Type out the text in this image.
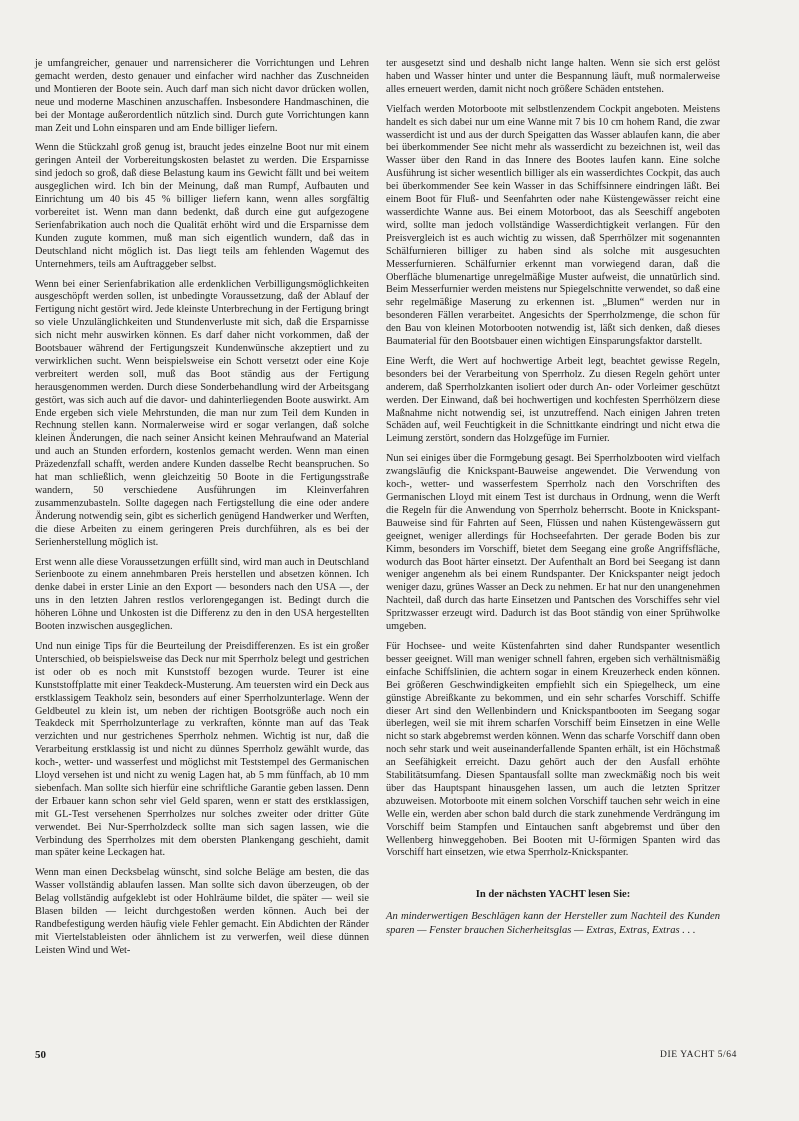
je umfangreicher, genauer und narrensicherer die Vorrichtungen und Lehren gemacht werden, desto genauer und einfacher wird nachher das Zuschneiden und Montieren der Boote sein. Auch darf man sich nicht davor drücken wollen, neue und moderne Maschinen anzuschaffen. Insbesondere Handmaschinen, die bei der Montage außerordentlich nützlich sind. Durch gute Vorrichtungen kann man Zeit und Lohn einsparen und am Ende billiger liefern.

Wenn die Stückzahl groß genug ist, braucht jedes einzelne Boot nur mit einem geringen Anteil der Vorbereitungskosten belastet zu werden. Die Ersparnisse sind jedoch so groß, daß diese Belastung kaum ins Gewicht fällt und bei weitem ausgeglichen wird. Ich bin der Meinung, daß man Rumpf, Aufbauten und Einrichtung um 40 bis 45 % billiger liefern kann, wenn alles sorgfältig vorbereitet ist. Wenn man dann bedenkt, daß durch eine gut aufgezogene Serienfabrikation auch noch die Qualität erhöht wird und die Ersparnisse dem Kunden zugute kommen, muß man sich eigentlich wundern, daß das in Deutschland nicht möglich ist. Das liegt teils am fehlenden Wagemut des Unternehmers, teils am Auftraggeber selbst.

Wenn bei einer Serienfabrikation alle erdenklichen Verbilligungsmöglichkeiten ausgeschöpft werden sollen, ist unbedingte Voraussetzung, daß der Ablauf der Fertigung nicht gestört wird. Jede kleinste Unterbrechung in der Fertigung bringt so viele Unzulänglichkeiten und Stundenverluste mit sich, daß die Ersparnisse sich nicht mehr auswirken können. Es darf daher nicht vorkommen, daß der Bootsbauer während der Fertigungszeit Kundenwünsche akzeptiert und zu verwirklichen sucht. Wenn beispielsweise ein Schott versetzt oder eine Koje verbreitert werden soll, muß das Boot ständig aus der Fertigung herausgenommen werden. Durch diese Sonderbehandlung wird der Arbeitsgang gestört, was sich auch auf die davor- und dahinterliegenden Boote auswirkt. Am Ende ergeben sich viele Mehrstunden, die man nur zum Teil dem Kunden in Rechnung stellen kann. Normalerweise wird er sogar verlangen, daß solche kleinen Änderungen, die nach seiner Ansicht keinen Mehraufwand an Material und auch an Stunden erfordern, kostenlos gemacht werden. Wenn man einen Präzedenzfall schafft, werden andere Kunden dasselbe Recht beanspruchen. So hat man schließlich, wenn gleichzeitig 50 Boote in die Fertigungsstraße wandern, 50 verschiedene Ausführungen im Kleinverfahren zusammenzubasteln. Sollte dagegen nach Fertigstellung die eine oder andere Änderung notwendig sein, gibt es sicherlich genügend Handwerker und Werften, die diese Arbeiten zu einem geringeren Preis durchführen, als es bei der Serienherstellung möglich ist.

Erst wenn alle diese Voraussetzungen erfüllt sind, wird man auch in Deutschland Serienboote zu einem annehmbaren Preis herstellen und absetzen können. Ich denke dabei in erster Linie an den Export — besonders nach den USA —, der uns in den letzten Jahren restlos verlorengegangen ist. Bedingt durch die höheren Löhne und Unkosten ist die Differenz zu den in den USA hergestellten Booten inzwischen ausgeglichen.

Und nun einige Tips für die Beurteilung der Preisdifferenzen. Es ist ein großer Unterschied, ob beispielsweise das Deck nur mit Sperrholz belegt und gestrichen ist oder ob es noch mit Kunststoff bezogen wurde. Teurer ist eine Kunststoffplatte mit einer Teakdeck-Musterung. Am teuersten wird ein Deck aus erstklassigem Teakholz sein, besonders auf einer Sperrholzunterlage. Wenn der Geldbeutel zu klein ist, um neben der richtigen Bootsgröße auch noch ein Teakdeck mit Sperrholzunterlage zu verkraften, könnte man auf das Teak verzichten und nur gestrichenes Sperrholz nehmen. Wichtig ist nur, daß die Verarbeitung erstklassig ist und nicht zu dünnes Sperrholz gewählt wurde, das koch-, wetter- und wasserfest und möglichst mit Teststempel des Germanischen Lloyd versehen ist und nicht zu wenig Lagen hat, ab 5 mm fünffach, ab 10 mm siebenfach. Man sollte sich hierfür eine schriftliche Garantie geben lassen. Denn der Erbauer kann schon sehr viel Geld sparen, wenn er statt des erstklassigen, mit GL-Test versehenen Sperrholzes nur solches zweiter oder dritter Güte verwendet. Bei Nur-Sperrholzdeck sollte man sich sagen lassen, wie die Verbindung des Sperrholzes mit dem obersten Plankengang geschieht, damit man später keine Leckagen hat.

Wenn man einen Decksbelag wünscht, sind solche Beläge am besten, die das Wasser vollständig ablaufen lassen. Man sollte sich davon überzeugen, ob der Belag vollständig aufgeklebt ist oder Hohlräume bildet, die später — weil sie Blasen bilden — leicht durchgestoßen werden können. Auch bei der Randbefestigung werden häufig viele Fehler gemacht. Ein Abdichten der Ränder mit Viertelstableisten oder ähnlichem ist zu verwerfen, weil diese dünnen Leisten Wind und Wet-

ter ausgesetzt sind und deshalb nicht lange halten. Wenn sie sich erst gelöst haben und Wasser hinter und unter die Bespannung läuft, muß normalerweise alles erneuert werden, damit nicht noch größere Schäden entstehen.

Vielfach werden Motorboote mit selbstlenzendem Cockpit angeboten. Meistens handelt es sich dabei nur um eine Wanne mit 7 bis 10 cm hohem Rand, die zwar wasserdicht ist und aus der durch Speigatten das Wasser ablaufen kann, die aber bei überkommender See nicht mehr als wasserdicht zu bezeichnen ist, weil das Wasser über den Rand in das Innere des Bootes laufen kann. Eine solche Ausführung ist sicher wesentlich billiger als ein wasserdichtes Cockpit, das auch bei überkommender See kein Wasser in das Schiffsinnere eindringen läßt. Bei einem Boot für Fluß- und Seenfahrten oder nahe Küstengewässer reicht eine wasserdichte Wanne aus. Bei einem Motorboot, das als Seeschiff angeboten wird, sollte man jedoch vollständige Wasserdichtigkeit verlangen. Für den Preisvergleich ist es auch wichtig zu wissen, daß Sperrhölzer mit sogenannten Schälfurnieren billiger zu haben sind als solche mit ausgesuchten Messerfurnieren. Schälfurnier erkennt man vorwiegend daran, daß die Oberfläche blumenartige unregelmäßige Muster aufweist, die unnatürlich sind. Beim Messerfurnier werden meistens nur Spiegelschnitte verwendet, so daß eine sehr regelmäßige Maserung zu erkennen ist. „Blumen“ werden nur in besonderen Fällen verarbeitet. Angesichts der Sperrholzmenge, die schon für den Bau von kleinen Motorbooten notwendig ist, läßt sich denken, daß dieses Baumaterial für den Bootsbauer einen wichtigen Einsparungsfaktor darstellt.

Eine Werft, die Wert auf hochwertige Arbeit legt, beachtet gewisse Regeln, besonders bei der Verarbeitung von Sperrholz. Zu diesen Regeln gehört unter anderem, daß Sperrholzkanten isoliert oder durch An- oder Vorleimer geschützt werden. Der Einwand, daß bei hochwertigen und kochfesten Sperrhölzern diese Maßnahme nicht notwendig sei, ist unzutreffend. Nach einigen Jahren treten Schäden auf, weil Feuchtigkeit in die Schnittkante eindringt und nicht etwa die Leimung zerstört, sondern das Holzgefüge im Furnier.

Nun sei einiges über die Formgebung gesagt. Bei Sperrholzbooten wird vielfach zwangsläufig die Knickspant-Bauweise angewendet. Die Verwendung von koch-, wetter- und wasserfestem Sperrholz nach den Vorschriften des Germanischen Lloyd mit einem Test ist durchaus in Ordnung, wenn die Werft die Regeln für die Anwendung von Sperrholz beherrscht. Boote in Knickspant-Bauweise sind für Fahrten auf Seen, Flüssen und nahen Küstengewässern gut geeignet, weniger allerdings für Hochseefahrten. Der gerade Boden bis zur Kimm, besonders im Vorschiff, bietet dem Seegang eine große Angriffsfläche, wodurch das Boot härter einsetzt. Der Aufenthalt an Bord bei Seegang ist dann weniger angenehm als bei einem Rundspanter. Der Knickspanter neigt jedoch weniger dazu, grünes Wasser an Deck zu nehmen. Er hat nur den unangenehmen Nachteil, daß durch das harte Einsetzen und Pantschen des Vorschiffes sehr viel Spritzwasser erzeugt wird. Dadurch ist das Boot ständig von einer Sprühwolke umgeben.

Für Hochsee- und weite Küstenfahrten sind daher Rundspanter wesentlich besser geeignet. Will man weniger schnell fahren, ergeben sich verhältnismäßig einfache Schiffslinien, die achtern sogar in einem Kreuzerheck enden können. Bei größeren Geschwindigkeiten empfiehlt sich ein Spiegelheck, um eine günstige Abreißkante zu bekommen, und ein sehr scharfes Vorschiff. Schiffe dieser Art sind den Wellenbindern und Knickspantbooten im Seegang sogar überlegen, weil sie mit ihrem scharfen Vorschiff beim Einsetzen in eine Welle nicht so stark abgebremst werden können. Wenn das scharfe Vorschiff dann oben noch sehr stark und weit auseinanderfallende Spanten erhält, ist ein Höchstmaß an Seefähigkeit erreicht. Dazu gehört auch der den Ausfall erhöhte Stabilitätsumfang. Diesen Spantausfall sollte man zweckmäßig noch bis weit über das Hauptspant hinausgehen lassen, um auch die letzten Spritzer abzuweisen. Motorboote mit einem solchen Vorschiff tauchen sehr weich in eine Welle ein, werden aber schon bald durch die stark zunehmende Verdrängung im Vorschiff beim Stampfen und Eintauchen sanft abgebremst und über den Wellenberg hinweggehoben. Bei Booten mit U-förmigen Spanten wird das Vorschiff hart einsetzen, wie etwa Sperrholz-Knickspanter.

In der nächsten YACHT lesen Sie:

An minderwertigen Beschlägen kann der Hersteller zum Nachteil des Kunden sparen — Fenster brauchen Sicherheitsglas — Extras, Extras, Extras . . .

50	DIE YACHT 5/64
